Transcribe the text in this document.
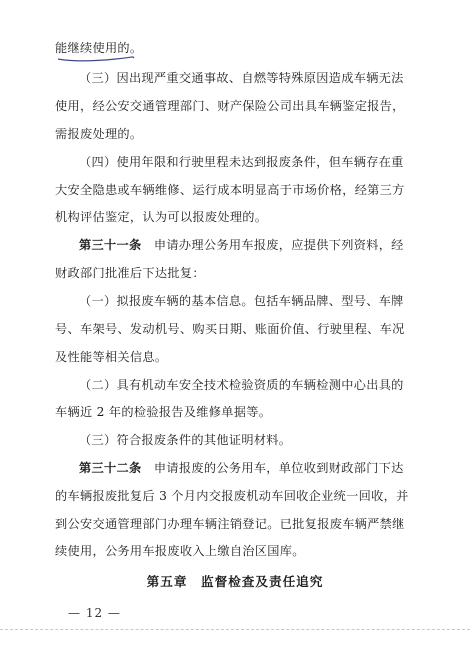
能继续使用的。
（三）因出现严重交通事故、自燃等特殊原因造成车辆无法
使用，经公安交通管理部门、财产保险公司出具车辆鉴定报告，
需报废处理的。
（四）使用年限和行驶里程未达到报废条件，但车辆存在重
大安全隐患或车辆维修、运行成本明显高于市场价格，经第三方
机构评估鉴定，认为可以报废处理的。
第三十一条　申请办理公务用车报废，应提供下列资料，经
财政部门批准后下达批复：
（一）拟报废车辆的基本信息。包括车辆品牌、型号、车牌
号、车架号、发动机号、购买日期、账面价值、行驶里程、车况
及性能等相关信息。
（二）具有机动车安全技术检验资质的车辆检测中心出具的
车辆近 2 年的检验报告及维修单据等。
（三）符合报废条件的其他证明材料。
第三十二条　申请报废的公务用车，单位收到财政部门下达
的车辆报废批复后 3 个月内交报废机动车回收企业统一回收，并
到公安交通管理部门办理车辆注销登记。已批复报废车辆严禁继
续使用，公务用车报废收入上缴自治区国库。
第五章　监督检查及责任追究
— 12 —
